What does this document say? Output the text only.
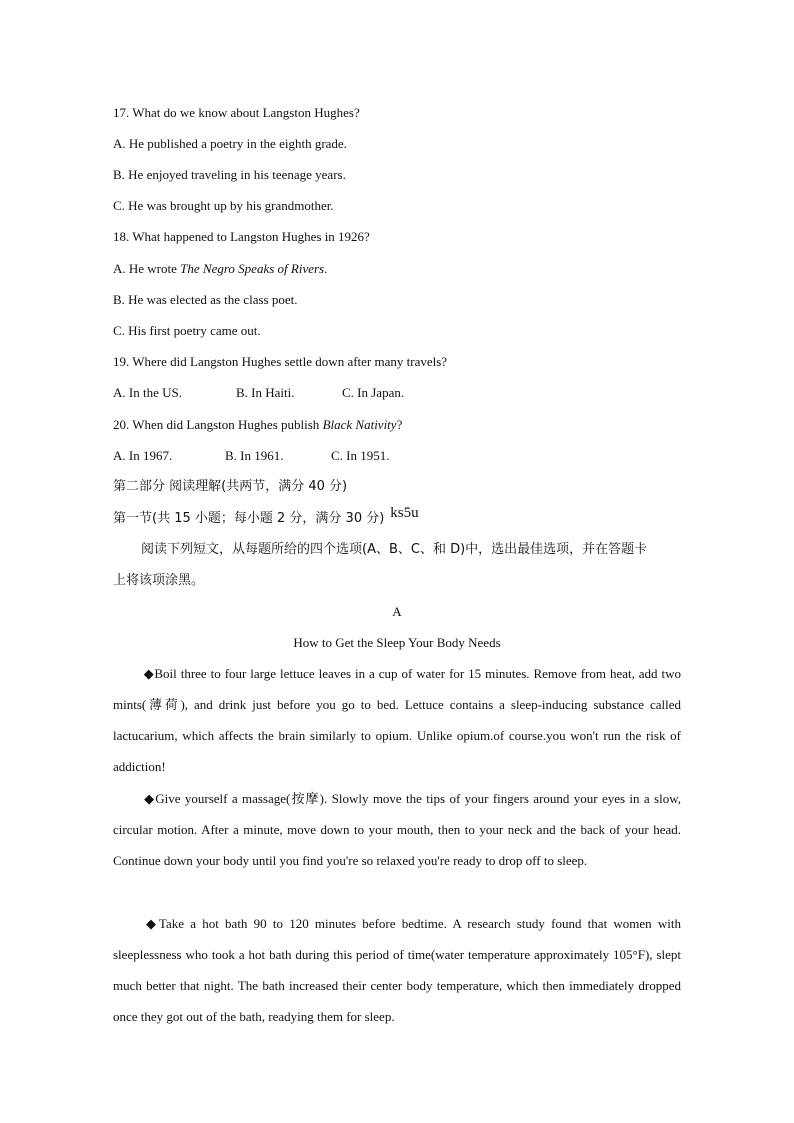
17. What do we know about Langston Hughes?
A. He published a poetry in the eighth grade.
B. He enjoyed traveling in his teenage years.
C. He was brought up by his grandmother.
18. What happened to Langston Hughes in 1926?
A. He wrote The Negro Speaks of Rivers.
B. He was elected as the class poet.
C. His first poetry came out.
19. Where did Langston Hughes settle down after many travels?
A. In the US.	B. In Haiti.	C. In Japan.
20. When did Langston Hughes publish Black Nativity?
A. In 1967.	B. In 1961.	C. In 1951.
第二部分 阅读理解(共两节，满分 40 分)
第一节(共 15 小题；每小题 2 分，满分 30 分) ks5u
阅读下列短文，从每题所给的四个选项(A、B、C、和 D)中，选出最佳选项，并在答题卡
上将该项涂黑。
A
How to Get the Sleep Your Body Needs
◆Boil three to four large lettuce leaves in a cup of water for 15 minutes. Remove from heat, add two mints(薄荷), and drink just before you go to bed. Lettuce contains a sleep-inducing substance called lactucarium, which affects the brain similarly to opium. Unlike opium.of course.you won't run the risk of addiction!
◆Give yourself a massage(按摩). Slowly move the tips of your fingers around your eyes in a slow, circular motion. After a minute, move down to your mouth, then to your neck and the back of your head. Continue down your body until you find you're so relaxed you're ready to drop off to sleep.
◆Take a hot bath 90 to 120 minutes before bedtime. A research study found that women with sleeplessness who took a hot bath during this period of time(water temperature approximately 105°F), slept much better that night. The bath increased their center body temperature, which then immediately dropped once they got out of the bath, readying them for sleep.
